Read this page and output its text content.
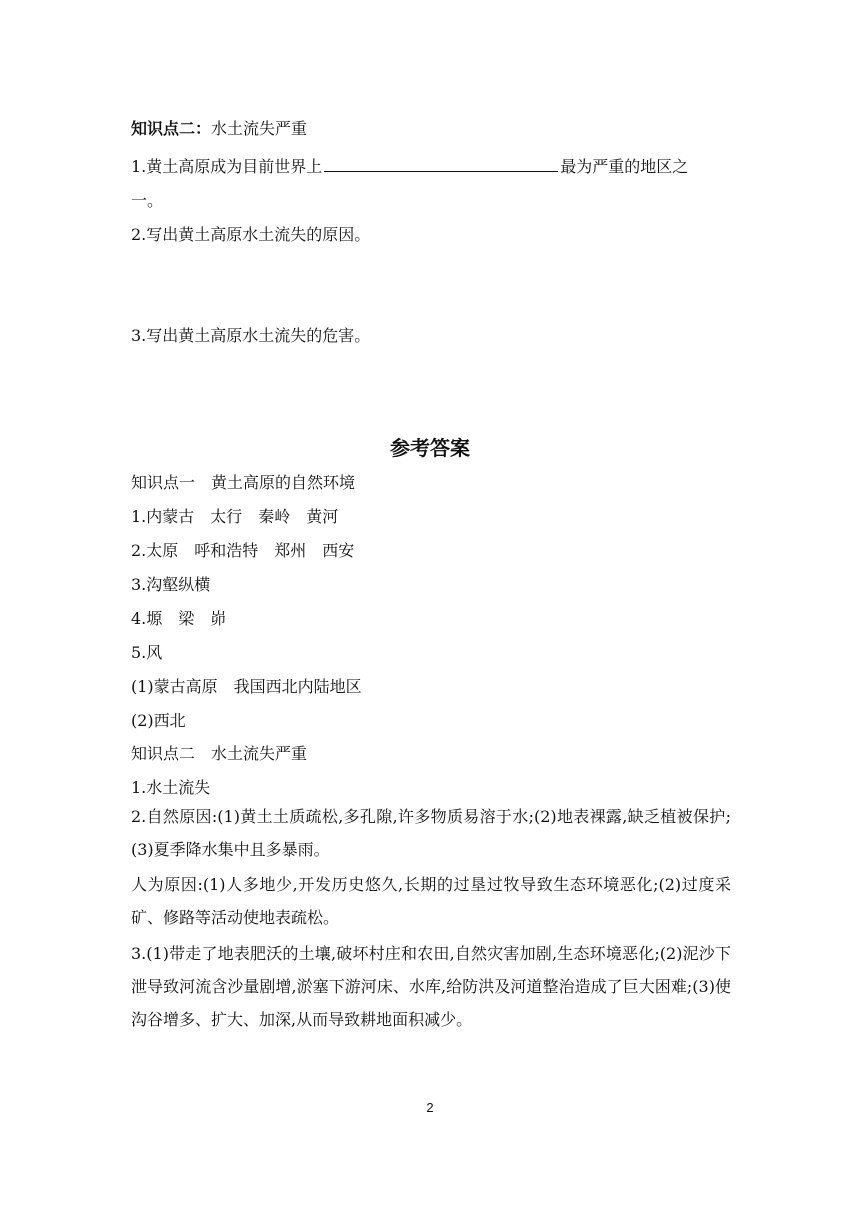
知识点二：水土流失严重
1.黄土高原成为目前世界上	最为严重的地区之
一。
2.写出黄土高原水土流失的原因。
3.写出黄土高原水土流失的危害。
参考答案
知识点一　黄土高原的自然环境
1.内蒙古　太行　秦岭　黄河
2.太原　呼和浩特　郑州　西安
3.沟壑纵横
4.塬　梁　峁
5.风
(1)蒙古高原　我国西北内陆地区
(2)西北
知识点二　水土流失严重
1.水土流失
2.自然原因:(1)黄土土质疏松,多孔隙,许多物质易溶于水;(2)地表裸露,缺乏植被保护;(3)夏季降水集中且多暴雨。
人为原因:(1)人多地少,开发历史悠久,长期的过垦过牧导致生态环境恶化;(2)过度采矿、修路等活动使地表疏松。
3.(1)带走了地表肥沃的土壤,破坏村庄和农田,自然灾害加剧,生态环境恶化;(2)泥沙下泄导致河流含沙量剧增,淤塞下游河床、水库,给防洪及河道整治造成了巨大困难;(3)使沟谷增多、扩大、加深,从而导致耕地面积减少。
2
